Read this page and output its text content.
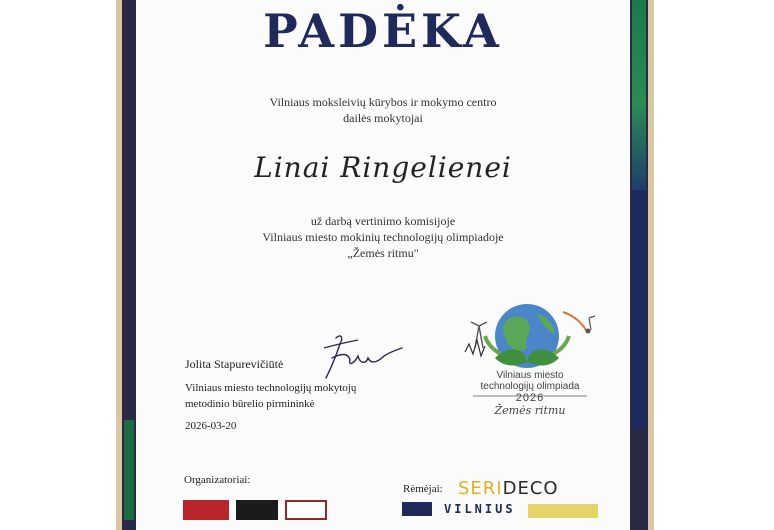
PADĖKA
Vilniaus moksleivių kūrybos ir mokymo centro
dailės mokytojai
Linai Ringelienei
už darbą vertinimo komisijoje
Vilniaus miesto mokinių technologijų olimpiadoje
„Žemės ritmu"
Jolita Stapurevičiūtė
Vilniaus miesto technologijų mokytojų
metodinio būrelio pirmininkė
2026-03-20
Vilniaus miesto
technologijų olimpiada
2026
Žemės ritmu
Organizatoriai:
Rėmėjai: SERIDECO
VILNIUS
